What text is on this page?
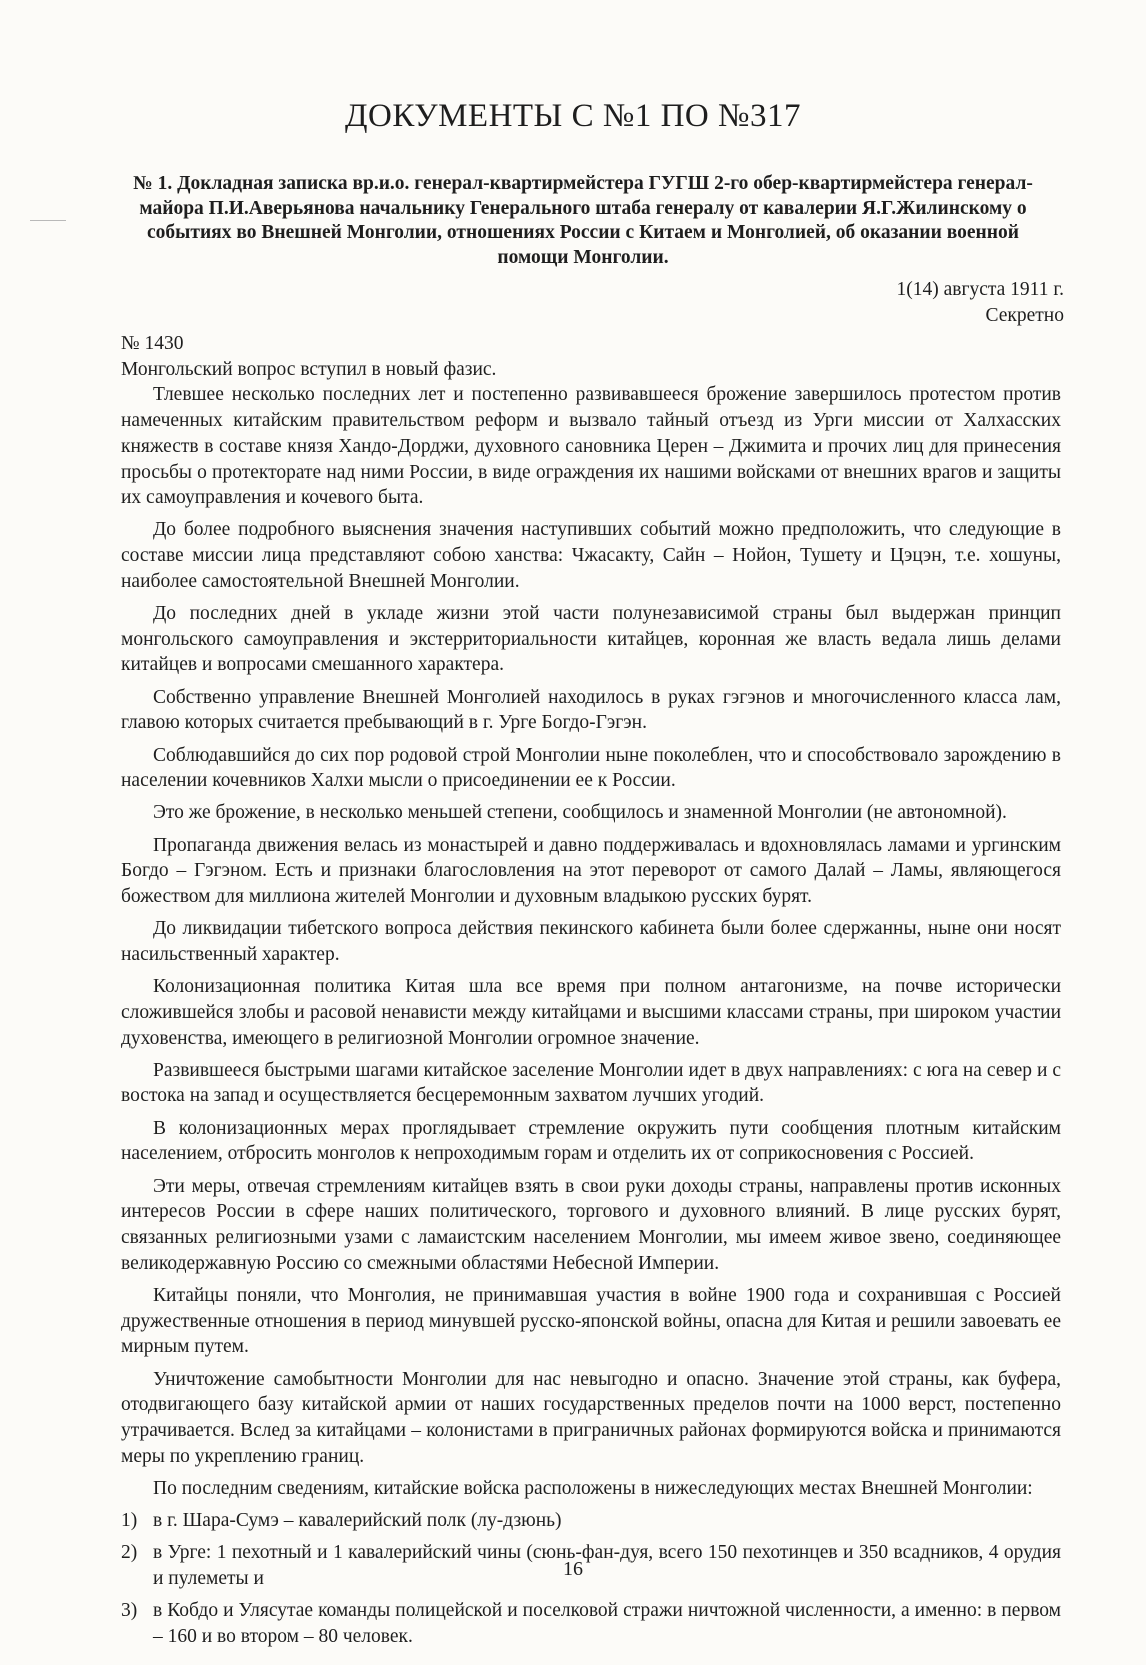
ДОКУМЕНТЫ С №1 ПО №317

№ 1. Докладная записка вр.и.о. генерал-квартирмейстера ГУГШ 2-го обер-квартирмейстера генерал-майора П.И.Аверьянова начальнику Генерального штаба генералу от кавалерии Я.Г.Жилинскому о событиях во Внешней Монголии, отношениях России с Китаем и Монголией, об оказании военной помощи Монголии.

1(14) августа 1911 г.
Секретно

№ 1430

Монгольский вопрос вступил в новый фазис.

Тлевшее несколько последних лет и постепенно развивавшееся брожение завершилось протестом против намеченных китайским правительством реформ и вызвало тайный отъезд из Урги миссии от Халхасских княжеств в составе князя Хандо-Дорджи, духовного сановника Церен – Джимита и прочих лиц для принесения просьбы о протекторате над ними России, в виде ограждения их нашими войсками от внешних врагов и защиты их самоуправления и кочевого быта.

До более подробного выяснения значения наступивших событий можно предположить, что следующие в составе миссии лица представляют собою ханства: Чжасакту, Сайн – Нойон, Тушету и Цэцэн, т.е. хошуны, наиболее самостоятельной Внешней Монголии.

До последних дней в укладе жизни этой части полунезависимой страны был выдержан принцип монгольского самоуправления и экстерриториальности китайцев, коронная же власть ведала лишь делами китайцев и вопросами смешанного характера.

Собственно управление Внешней Монголией находилось в руках гэгэнов и многочисленного класса лам, главою которых считается пребывающий в г. Урге Богдо-Гэгэн.

Соблюдавшийся до сих пор родовой строй Монголии ныне поколеблен, что и способствовало зарождению в населении кочевников Халхи мысли о присоединении ее к России.

Это же брожение, в несколько меньшей степени, сообщилось и знаменной Монголии (не автономной).

Пропаганда движения велась из монастырей и давно поддерживалась и вдохновлялась ламами и ургинским Богдо – Гэгэном. Есть и признаки благословления на этот переворот от самого Далай – Ламы, являющегося божеством для миллиона жителей Монголии и духовным владыкою русских бурят.

До ликвидации тибетского вопроса действия пекинского кабинета были более сдержанны, ныне они носят насильственный характер.

Колонизационная политика Китая шла все время при полном антагонизме, на почве исторически сложившейся злобы и расовой ненависти между китайцами и высшими классами страны, при широком участии духовенства, имеющего в религиозной Монголии огромное значение.

Развившееся быстрыми шагами китайское заселение Монголии идет в двух направлениях: с юга на север и с востока на запад и осуществляется бесцеремонным захватом лучших угодий.

В колонизационных мерах проглядывает стремление окружить пути сообщения плотным китайским населением, отбросить монголов к непроходимым горам и отделить их от соприкосновения с Россией.

Эти меры, отвечая стремлениям китайцев взять в свои руки доходы страны, направлены против исконных интересов России в сфере наших политического, торгового и духовного влияний. В лице русских бурят, связанных религиозными узами с ламаистским населением Монголии, мы имеем живое звено, соединяющее великодержавную Россию со смежными областями Небесной Империи.

Китайцы поняли, что Монголия, не принимавшая участия в войне 1900 года и сохранившая с Россией дружественные отношения в период минувшей русско-японской войны, опасна для Китая и решили завоевать ее мирным путем.

Уничтожение самобытности Монголии для нас невыгодно и опасно. Значение этой страны, как буфера, отодвигающего базу китайской армии от наших государственных пределов почти на 1000 верст, постепенно утрачивается. Вслед за китайцами – колонистами в приграничных районах формируются войска и принимаются меры по укреплению границ.

По последним сведениям, китайские войска расположены в нижеследующих местах Внешней Монголии:

1) в г. Шара-Сумэ – кавалерийский полк (лу-дзюнь)
2) в Урге: 1 пехотный и 1 кавалерийский чины (сюнь-фан-дуя, всего 150 пехотинцев и 350 всадников, 4 орудия и пулеметы и
3) в Кобдо и Улясутае команды полицейской и поселковой стражи ничтожной численности, а именно: в первом – 160 и во втором – 80 человек.
16
